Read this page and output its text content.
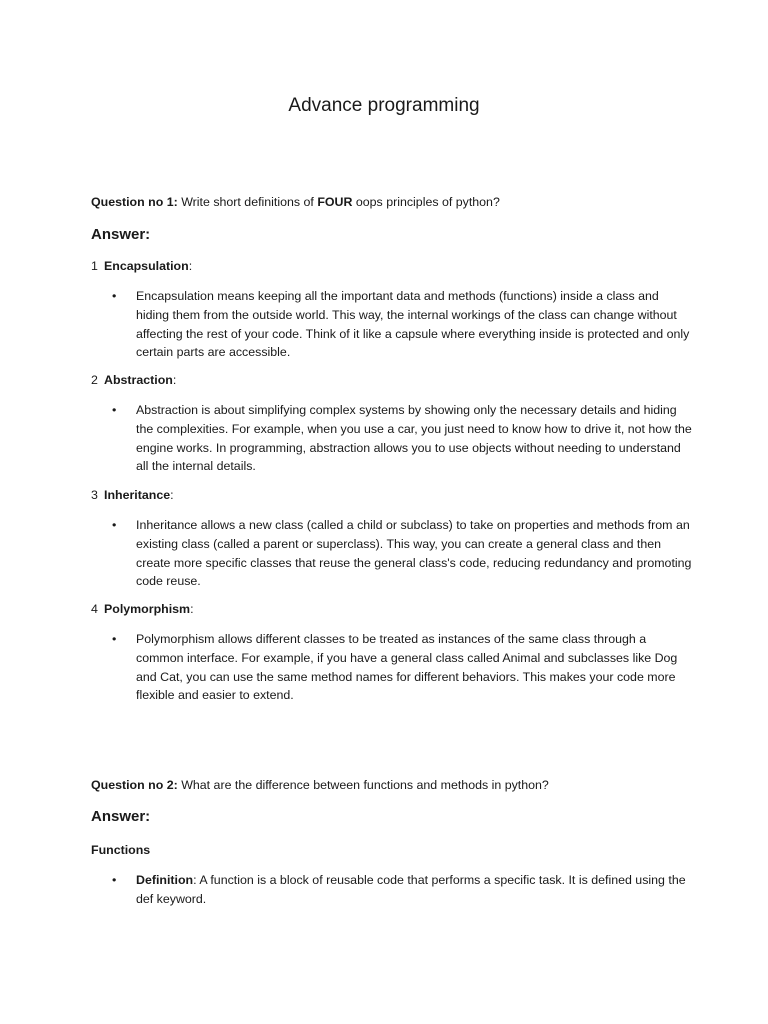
Advance programming
Question no 1: Write short definitions of FOUR oops principles of python?
Answer:
1 Encapsulation:
•	Encapsulation means keeping all the important data and methods (functions) inside a class and hiding them from the outside world. This way, the internal workings of the class can change without affecting the rest of your code. Think of it like a capsule where everything inside is protected and only certain parts are accessible.
2 Abstraction:
•	Abstraction is about simplifying complex systems by showing only the necessary details and hiding the complexities. For example, when you use a car, you just need to know how to drive it, not how the engine works. In programming, abstraction allows you to use objects without needing to understand all the internal details.
3 Inheritance:
•	Inheritance allows a new class (called a child or subclass) to take on properties and methods from an existing class (called a parent or superclass). This way, you can create a general class and then create more specific classes that reuse the general class's code, reducing redundancy and promoting code reuse.
4 Polymorphism:
•	Polymorphism allows different classes to be treated as instances of the same class through a common interface. For example, if you have a general class called Animal and subclasses like Dog and Cat, you can use the same method names for different behaviors. This makes your code more flexible and easier to extend.
Question no 2: What are the difference between functions and methods in python?
Answer:
Functions
•	Definition: A function is a block of reusable code that performs a specific task. It is defined using the def keyword.
